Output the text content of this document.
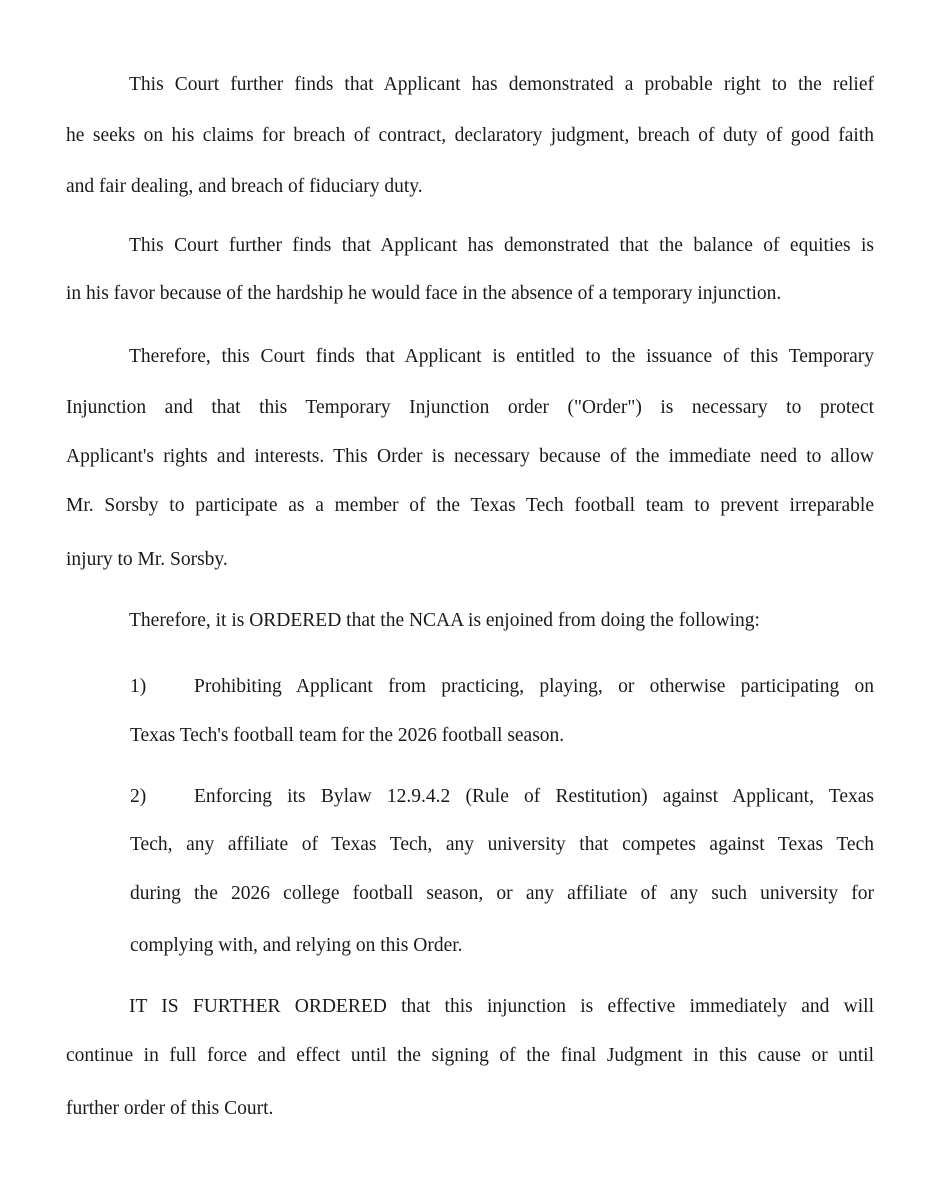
This Court further finds that Applicant has demonstrated a probable right to the relief
he seeks on his claims for breach of contract, declaratory judgment, breach of duty of good faith
and fair dealing, and breach of fiduciary duty.
This Court further finds that Applicant has demonstrated that the balance of equities is
in his favor because of the hardship he would face in the absence of a temporary injunction.
Therefore, this Court finds that Applicant is entitled to the issuance of this Temporary
Injunction and that this Temporary Injunction order ("Order") is necessary to protect
Applicant's rights and interests. This Order is necessary because of the immediate need to allow
Mr. Sorsby to participate as a member of the Texas Tech football team to prevent irreparable
injury to Mr. Sorsby.
Therefore, it is ORDERED that the NCAA is enjoined from doing the following:
1)	Prohibiting Applicant from practicing, playing, or otherwise participating on
Texas Tech's football team for the 2026 football season.
2)	Enforcing its Bylaw 12.9.4.2 (Rule of Restitution) against Applicant, Texas
Tech, any affiliate of Texas Tech, any university that competes against Texas Tech
during the 2026 college football season, or any affiliate of any such university for
complying with, and relying on this Order.
IT IS FURTHER ORDERED that this injunction is effective immediately and will
continue in full force and effect until the signing of the final Judgment in this cause or until
further order of this Court.
